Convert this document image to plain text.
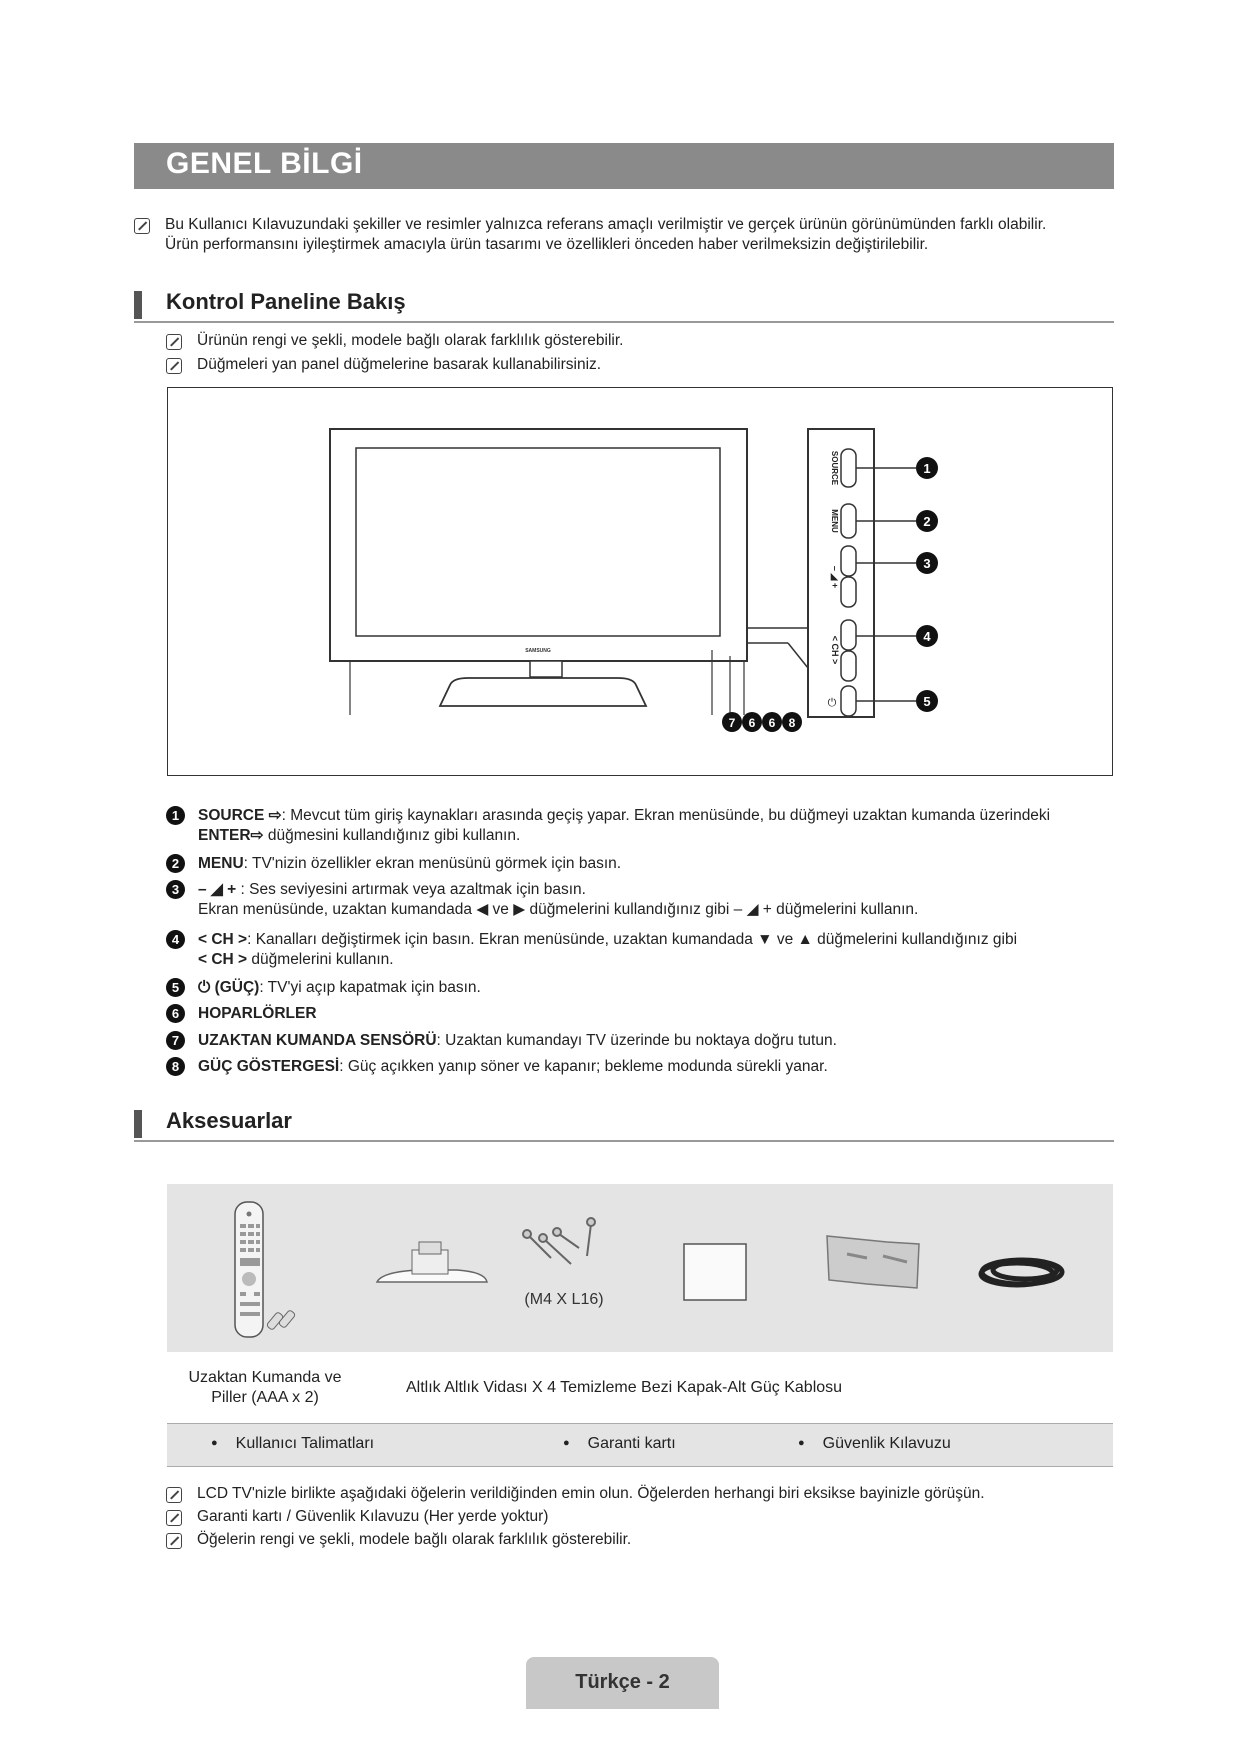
GENEL BİLGİ
Bu Kullanıcı Kılavuzundaki şekiller ve resimler yalnızca referans amaçlı verilmiştir ve gerçek ürünün görünümünden farklı olabilir.
Ürün performansını iyileştirmek amacıyla ürün tasarımı ve özellikleri önceden haber verilmeksizin değiştirilebilir.
Kontrol Paneline Bakış
Ürünün rengi ve şekli, modele bağlı olarak farklılık gösterebilir.
Düğmeleri yan panel düğmelerine basarak kullanabilirsiniz.
SAMSUNG
SOURCE
MENU
– ◢ +
< CH >
⏻
1
2
3
4
5
7 6 6 8
1	SOURCE ⇨: Mevcut tüm giriş kaynakları arasında geçiş yapar. Ekran menüsünde, bu düğmeyi uzaktan kumanda üzerindeki
ENTER⇨ düğmesini kullandığınız gibi kullanın.
2	MENU: TV'nizin özellikler ekran menüsünü görmek için basın.
3	– ◢ + : Ses seviyesini artırmak veya azaltmak için basın.
Ekran menüsünde, uzaktan kumandada ◀ ve ▶ düğmelerini kullandığınız gibi – ◢ + düğmelerini kullanın.
4	< CH >: Kanalları değiştirmek için basın. Ekran menüsünde, uzaktan kumandada ▼ ve ▲ düğmelerini kullandığınız gibi
< CH > düğmelerini kullanın.
5	⏻ (GÜÇ): TV'yi açıp kapatmak için basın.
6	HOPARLÖRLER
7	UZAKTAN KUMANDA SENSÖRÜ: Uzaktan kumandayı TV üzerinde bu noktaya doğru tutun.
8	GÜÇ GÖSTERGESİ: Güç açıkken yanıp söner ve kapanır; bekleme modunda sürekli yanar.
Aksesuarlar
(M4 X L16)
Uzaktan Kumanda ve
Piller (AAA x 2)
Altlık Altlık Vidası X 4 Temizleme Bezi Kapak-Alt Güç Kablosu
● Kullanıcı Talimatları	● Garanti kartı	● Güvenlik Kılavuzu
LCD TV'nizle birlikte aşağıdaki öğelerin verildiğinden emin olun. Öğelerden herhangi biri eksikse bayinizle görüşün.
Garanti kartı / Güvenlik Kılavuzu (Her yerde yoktur)
Öğelerin rengi ve şekli, modele bağlı olarak farklılık gösterebilir.
Türkçe - 2
